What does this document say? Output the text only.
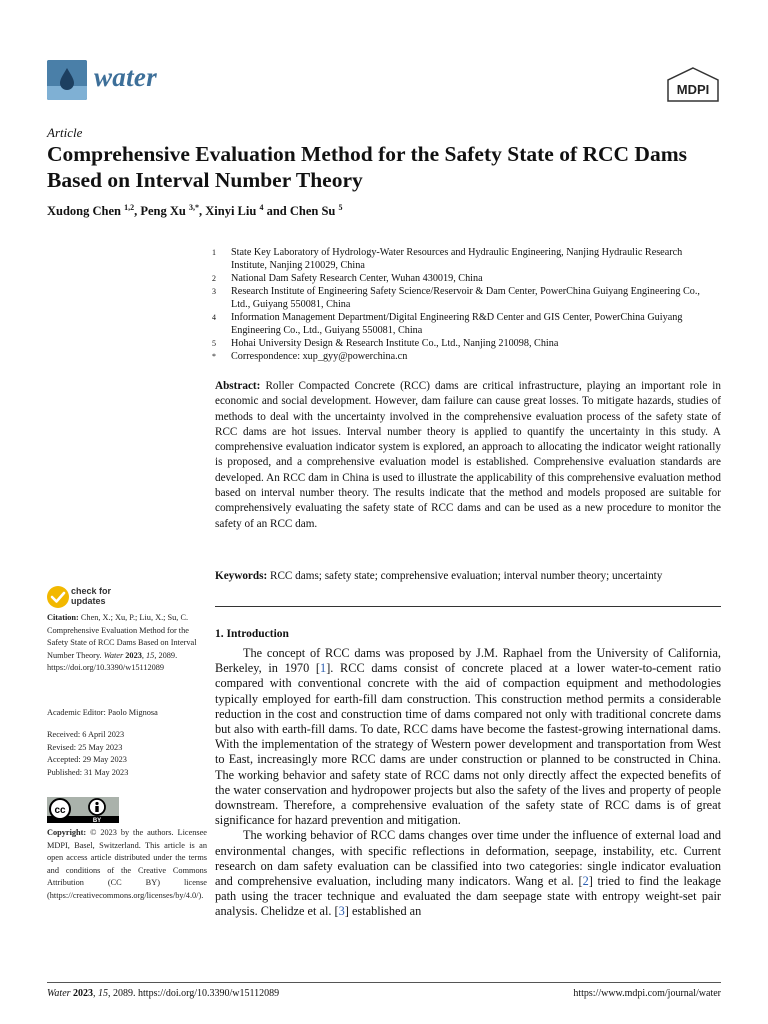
water	MDPI
Article
Comprehensive Evaluation Method for the Safety State of RCC Dams Based on Interval Number Theory
Xudong Chen $^{1,2}$, Peng Xu $^{3,*}$, Xinyi Liu $^4$ and Chen Su $^5$
1	State Key Laboratory of Hydrology-Water Resources and Hydraulic Engineering, Nanjing Hydraulic Research Institute, Nanjing 210029, China
2	National Dam Safety Research Center, Wuhan 430019, China
3	Research Institute of Engineering Safety Science/Reservoir & Dam Center, PowerChina Guiyang Engineering Co., Ltd., Guiyang 550081, China
4	Information Management Department/Digital Engineering R&D Center and GIS Center, PowerChina Guiyang Engineering Co., Ltd., Guiyang 550081, China
5	Hohai University Design & Research Institute Co., Ltd., Nanjing 210098, China
*	Correspondence: xup_gyy@powerchina.cn
Abstract: Roller Compacted Concrete (RCC) dams are critical infrastructure, playing an important role in economic and social development. However, dam failure can cause great losses. To mitigate hazards, studies of methods to deal with the uncertainty involved in the comprehensive evaluation process of the safety state of RCC dams are hot issues. Interval number theory is applied to quantify the uncertainty in this study. A comprehensive evaluation indicator system is explored, an approach to allocating the indicator weight rationally is proposed, and a comprehensive evaluation model is established. Comprehensive evaluation standards are developed. An RCC dam in China is used to illustrate the applicability of this comprehensive evaluation method based on interval number theory. The results indicate that the method and models proposed are suitable for comprehensively evaluating the safety state of RCC dams and can be used as a new procedure to monitor the safety of an RCC dam.
Keywords: RCC dams; safety state; comprehensive evaluation; interval number theory; uncertainty
1. Introduction

The concept of RCC dams was proposed by J.M. Raphael from the University of California, Berkeley, in 1970 [1]. RCC dams consist of concrete placed at a lower water-to-cement ratio compared with conventional concrete with the aid of compaction equipment and methodologies typically employed for earth-fill dam construction. This construction method permits a considerable reduction in the cost and construction time of dams compared not only with traditional concrete dams but also with earth-fill dams. To date, RCC dams have become the fastest-growing international dams. With the implementation of the strategy of Western power development and transportation from West to East, increasingly more RCC dams are under construction or planned to be constructed in China. The working behavior and safety state of RCC dams not only directly affect the expected benefits of the water conservation and hydropower projects but also the safety of the lives and property of people downstream. Therefore, a comprehensive evaluation of the safety state of RCC dams is of great significance for hazard prevention and mitigation.

The working behavior of RCC dams changes over time under the influence of external load and environmental changes, with specific reflections in deformation, seepage, instability, etc. Current research on dam safety evaluation can be classified into two categories: single indicator evaluation and comprehensive evaluation, including many indicators. Wang et al. [2] tried to find the leakage path using the tracer technique and evaluated the dam seepage state with entropy weight-set pair analysis. Chelidze et al. [3] established an

check for
updates
Citation: Chen, X.; Xu, P.; Liu, X.; Su, C. Comprehensive Evaluation Method for the Safety State of RCC Dams Based on Interval Number Theory. Water 2023, 15, 2089. https://doi.org/10.3390/w15112089
Academic Editor: Paolo Mignosa
Received: 6 April 2023
Revised: 25 May 2023
Accepted: 29 May 2023
Published: 31 May 2023
cc
BY
Copyright: © 2023 by the authors. Licensee MDPI, Basel, Switzerland. This article is an open access article distributed under the terms and conditions of the Creative Commons Attribution (CC BY) license (https://creativecommons.org/licenses/by/4.0/).
Water 2023, 15, 2089. https://doi.org/10.3390/w15112089	https://www.mdpi.com/journal/water
